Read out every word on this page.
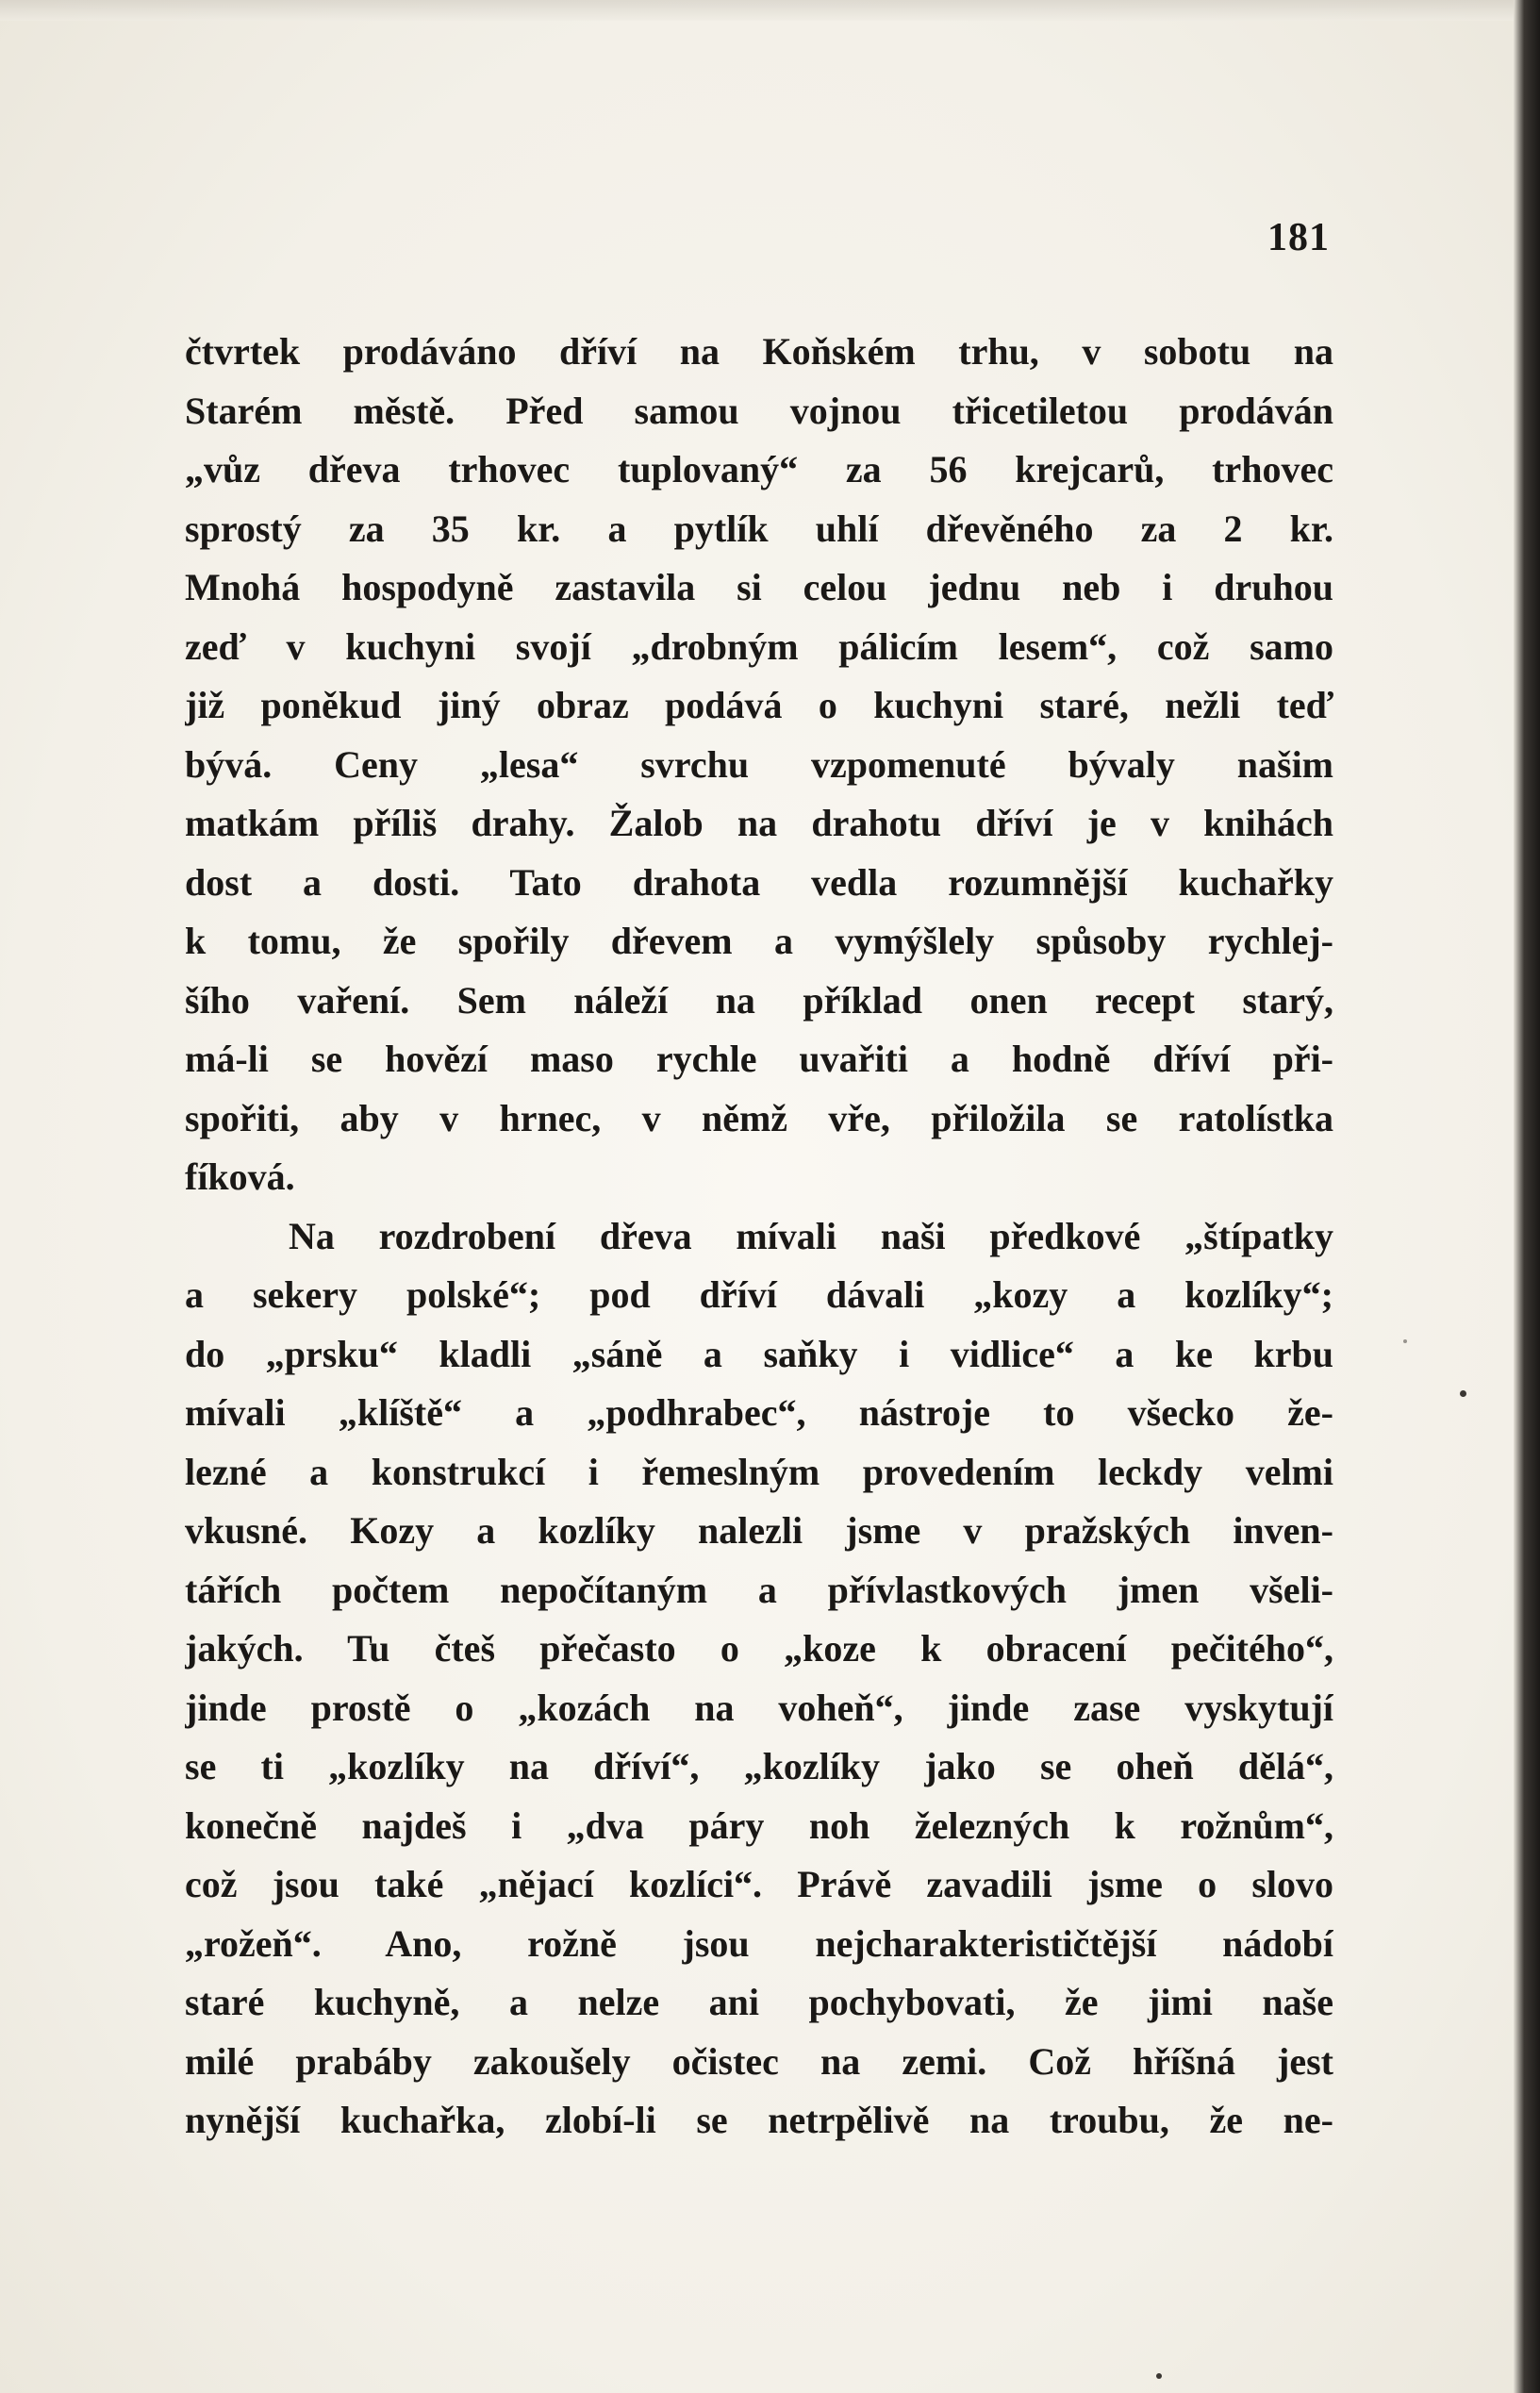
181
čtvrtek prodáváno dříví na Koňském trhu, v sobotu na
Starém městě. Před samou vojnou třicetiletou prodáván
„vůz dřeva trhovec tuplovaný“ za 56 krejcarů, trhovec
sprostý za 35 kr. a pytlík uhlí dřevěného za 2 kr.
Mnohá hospodyně zastavila si celou jednu neb i druhou
zeď v kuchyni svojí „drobným pálicím lesem“, což samo
již poněkud jiný obraz podává o kuchyni staré, nežli teď
bývá. Ceny „lesa“ svrchu vzpomenuté bývaly našim
matkám příliš drahy. Žalob na drahotu dříví je v knihách
dost a dosti. Tato drahota vedla rozumnější kuchařky
k tomu, že spořily dřevem a vymýšlely spůsoby rychlej-
šího vaření. Sem náleží na příklad onen recept starý,
má-li se hovězí maso rychle uvařiti a hodně dříví při-
spořiti, aby v hrnec, v němž vře, přiložila se ratolístka
fíková.
Na rozdrobení dřeva mívali naši předkové „štípatky
a sekery polské“; pod dříví dávali „kozy a kozlíky“;
do „prsku“ kladli „sáně a saňky i vidlice“ a ke krbu
mívali „klíště“ a „podhrabec“, nástroje to všecko že-
lezné a konstrukcí i řemeslným provedením leckdy velmi
vkusné. Kozy a kozlíky nalezli jsme v pražských inven-
tářích počtem nepočítaným a přívlastkových jmen všeli-
jakých. Tu čteš přečasto o „koze k obracení pečitého“,
jinde prostě o „kozách na voheň“, jinde zase vyskytují
se ti „kozlíky na dříví“, „kozlíky jako se oheň dělá“,
konečně najdeš i „dva páry noh železných k rožnům“,
což jsou také „nějací kozlíci“. Právě zavadili jsme o slovo
„rožeň“. Ano, rožně jsou nejcharakterističtější nádobí
staré kuchyně, a nelze ani pochybovati, že jimi naše
milé prabáby zakoušely očistec na zemi. Což hříšná jest
nynější kuchařka, zlobí-li se netrpělivě na troubu, že ne-
